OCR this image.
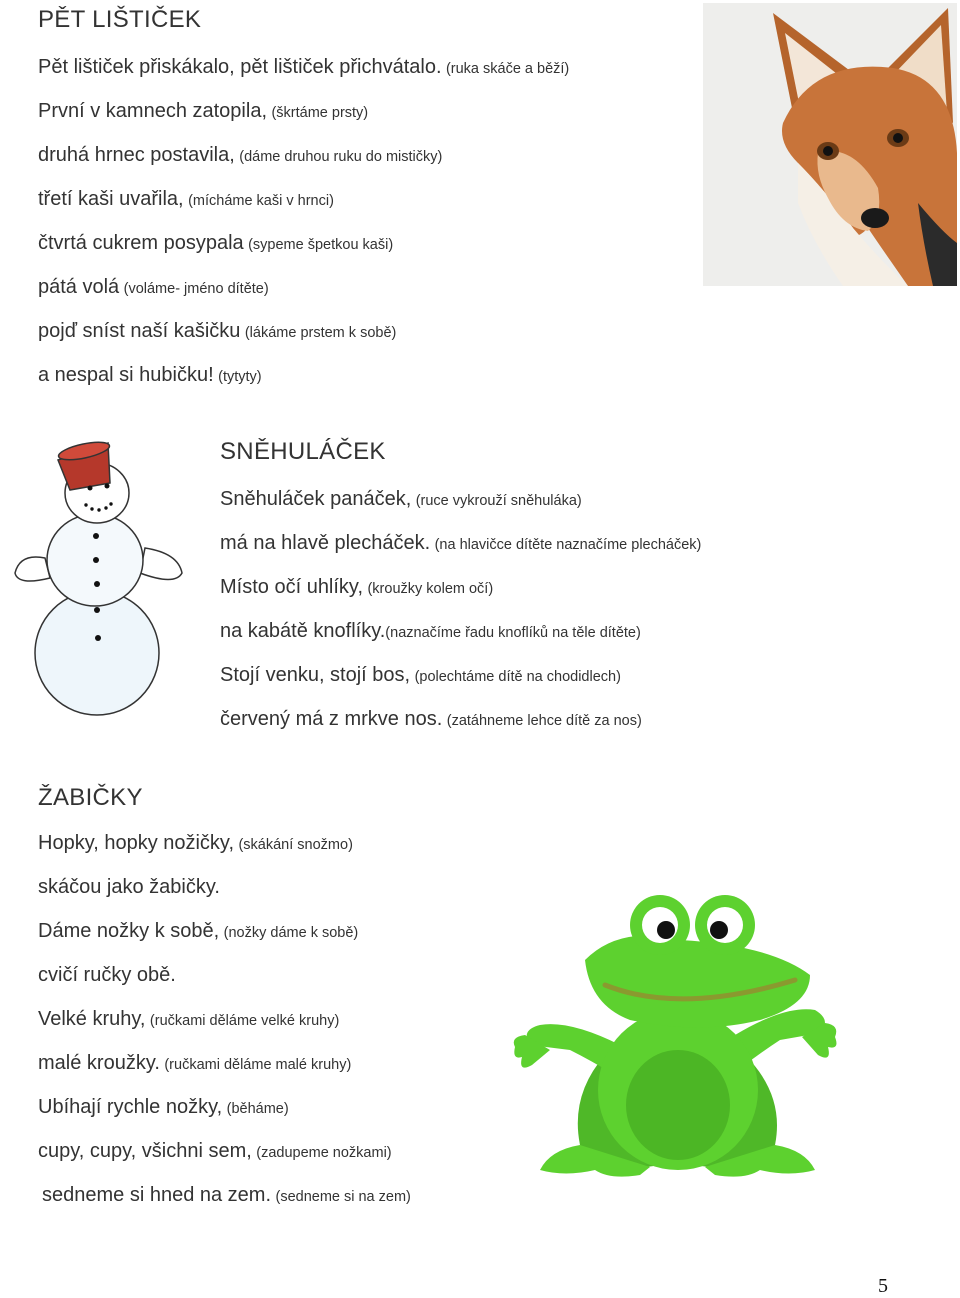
PĚT LIŠTIČEK
Pět lištiček přiskákalo, pět lištiček přichvátalo. (ruka skáče a běží)
První v kamnech zatopila, (škrtáme prsty)
druhá hrnec postavila, (dáme druhou ruku do mističky)
třetí kaši uvařila, (mícháme kaši v hrnci)
čtvrtá cukrem posypala (sypeme špetkou kaši)
pátá volá (voláme- jméno dítěte)
pojď sníst naší kašičku (lákáme prstem k sobě)
a nespal si hubičku! (tytyty)
SNĚHULÁČEK
Sněhuláček panáček, (ruce vykrouží sněhuláka)
má na hlavě plecháček. (na hlavičce dítěte naznačíme plecháček)
Místo očí uhlíky, (kroužky kolem očí)
na kabátě knoflíky.(naznačíme řadu knoflíků na těle dítěte)
Stojí venku, stojí bos, (polechtáme dítě na chodidlech)
červený má z mrkve nos. (zatáhneme lehce dítě za nos)
ŽABIČKY
Hopky, hopky nožičky, (skákání snožmo)
skáčou jako žabičky.
Dáme nožky k sobě, (nožky dáme k sobě)
cvičí ručky obě.
Velké kruhy, (ručkami děláme velké kruhy)
malé kroužky. (ručkami děláme malé kruhy)
Ubíhají rychle nožky, (běháme)
cupy, cupy, všichni sem, (zadupeme nožkami)
sedneme si hned na zem. (sedneme si na zem)
5
